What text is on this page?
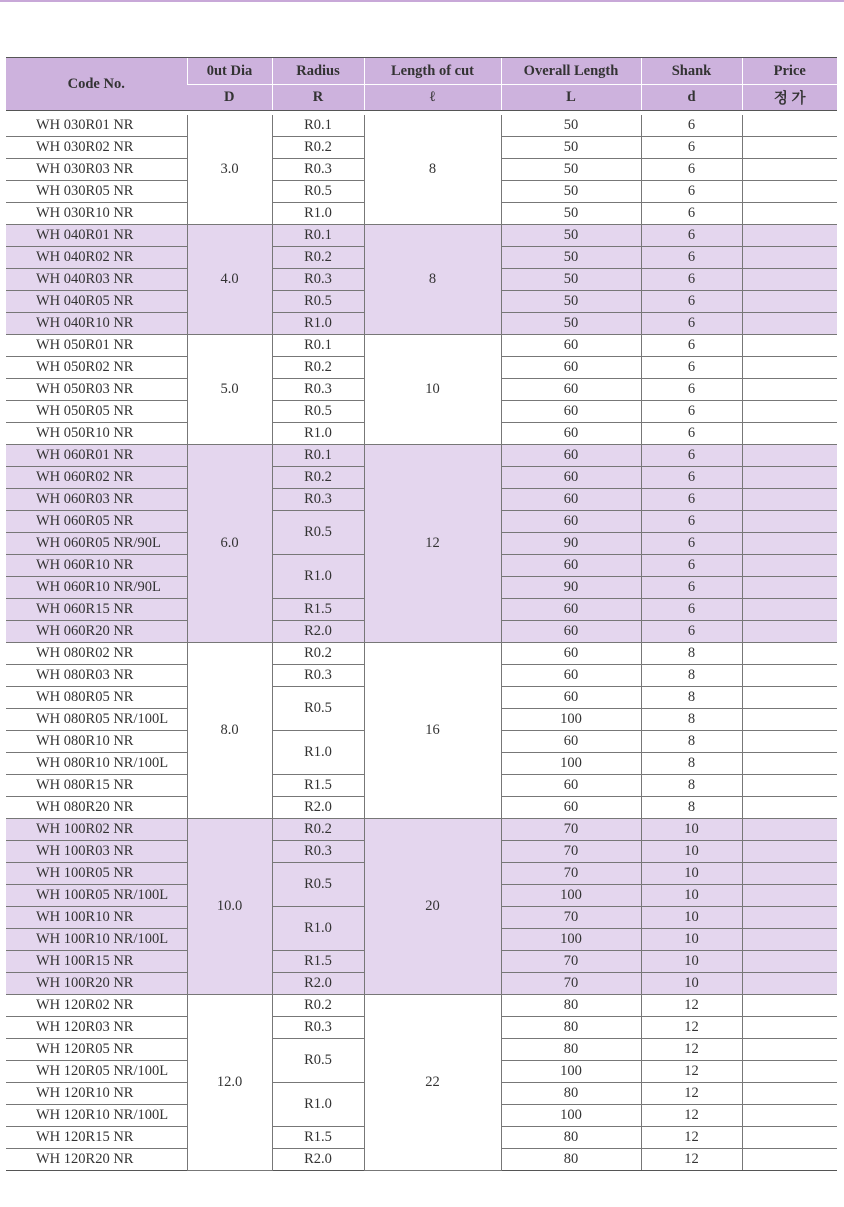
Code No.	0ut Dia	Radius	Length of cut	Overall Length	Shank	Price
	D	R	ℓ	L	d	정 가

WH 030R01 NR	3.0	R0.1	8	50	6	
WH 030R02 NR		R0.2		50	6	
WH 030R03 NR		R0.3		50	6	
WH 030R05 NR		R0.5		50	6	
WH 030R10 NR		R1.0		50	6	
WH 040R01 NR	4.0	R0.1	8	50	6	
WH 040R02 NR		R0.2		50	6	
WH 040R03 NR		R0.3		50	6	
WH 040R05 NR		R0.5		50	6	
WH 040R10 NR		R1.0		50	6	
WH 050R01 NR	5.0	R0.1	10	60	6	
WH 050R02 NR		R0.2		60	6	
WH 050R03 NR		R0.3		60	6	
WH 050R05 NR		R0.5		60	6	
WH 050R10 NR		R1.0		60	6	
WH 060R01 NR	6.0	R0.1	12	60	6	
WH 060R02 NR		R0.2		60	6	
WH 060R03 NR		R0.3		60	6	
WH 060R05 NR		R0.5		60	6	
WH 060R05 NR/90L				90	6	
WH 060R10 NR		R1.0		60	6	
WH 060R10 NR/90L				90	6	
WH 060R15 NR		R1.5		60	6	
WH 060R20 NR		R2.0		60	6	
WH 080R02 NR	8.0	R0.2	16	60	8	
WH 080R03 NR		R0.3		60	8	
WH 080R05 NR		R0.5		60	8	
WH 080R05 NR/100L				100	8	
WH 080R10 NR		R1.0		60	8	
WH 080R10 NR/100L				100	8	
WH 080R15 NR		R1.5		60	8	
WH 080R20 NR		R2.0		60	8	
WH 100R02 NR	10.0	R0.2	20	70	10	
WH 100R03 NR		R0.3		70	10	
WH 100R05 NR		R0.5		70	10	
WH 100R05 NR/100L				100	10	
WH 100R10 NR		R1.0		70	10	
WH 100R10 NR/100L				100	10	
WH 100R15 NR		R1.5		70	10	
WH 100R20 NR		R2.0		70	10	
WH 120R02 NR	12.0	R0.2	22	80	12	
WH 120R03 NR		R0.3		80	12	
WH 120R05 NR		R0.5		80	12	
WH 120R05 NR/100L				100	12	
WH 120R10 NR		R1.0		80	12	
WH 120R10 NR/100L				100	12	
WH 120R15 NR		R1.5		80	12	
WH 120R20 NR		R2.0		80	12	
